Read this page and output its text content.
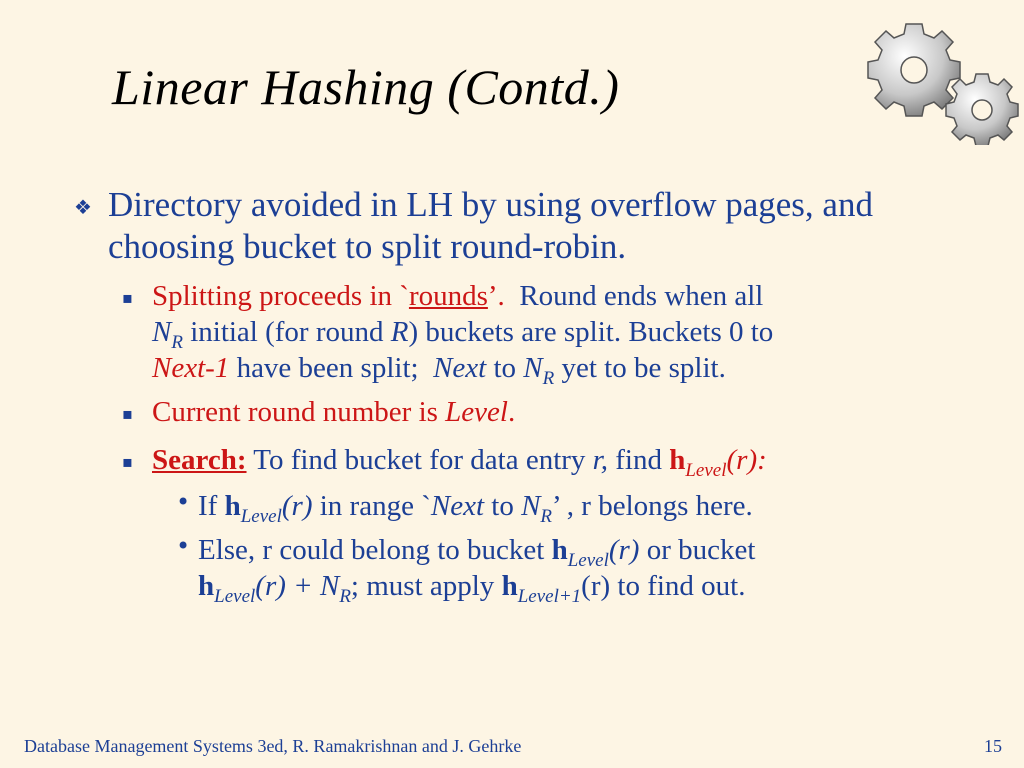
Linear Hashing (Contd.)
❖ Directory avoided in LH by using overflow pages, and choosing bucket to split round-robin.
▪ Splitting proceeds in `rounds’. Round ends when all
$N_R$ initial (for round R) buckets are split. Buckets 0 to
Next-1 have been split; Next to $N_R$ yet to be split.
▪ Current round number is Level.
▪ Search: To find bucket for data entry r, find $h_{Level}(r)$:
• If $h_{Level}(r)$ in range `Next to $N_R$’ , r belongs here.
• Else, r could belong to bucket $h_{Level}(r)$ or bucket
$h_{Level}(r) + N_R$; must apply $h_{Level+1}(r)$ to find out.
Database Management Systems 3ed, R. Ramakrishnan and J. Gehrke	15
